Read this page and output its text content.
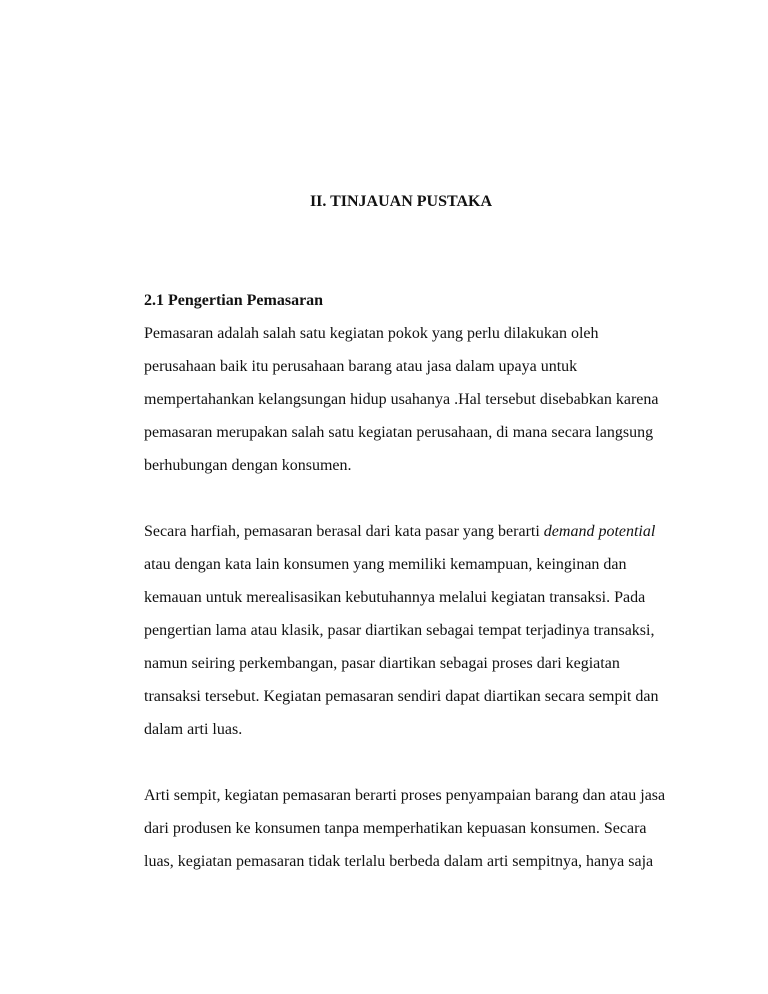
II. TINJAUAN PUSTAKA
2.1 Pengertian Pemasaran
Pemasaran adalah salah satu kegiatan pokok yang perlu dilakukan oleh
perusahaan baik itu perusahaan barang atau jasa dalam upaya untuk
mempertahankan kelangsungan hidup usahanya .Hal tersebut disebabkan karena
pemasaran merupakan salah satu kegiatan perusahaan, di mana secara langsung
berhubungan dengan konsumen.
Secara harfiah, pemasaran berasal dari kata pasar yang berarti demand potential
atau dengan kata lain konsumen yang memiliki kemampuan, keinginan dan
kemauan untuk merealisasikan kebutuhannya melalui kegiatan transaksi. Pada
pengertian lama atau klasik, pasar diartikan sebagai tempat terjadinya transaksi,
namun seiring perkembangan, pasar diartikan sebagai proses dari kegiatan
transaksi tersebut. Kegiatan pemasaran sendiri dapat diartikan secara sempit dan
dalam arti luas.
Arti sempit, kegiatan pemasaran berarti proses penyampaian barang dan atau jasa
dari produsen ke konsumen tanpa memperhatikan kepuasan konsumen. Secara
luas, kegiatan pemasaran tidak terlalu berbeda dalam arti sempitnya, hanya saja
